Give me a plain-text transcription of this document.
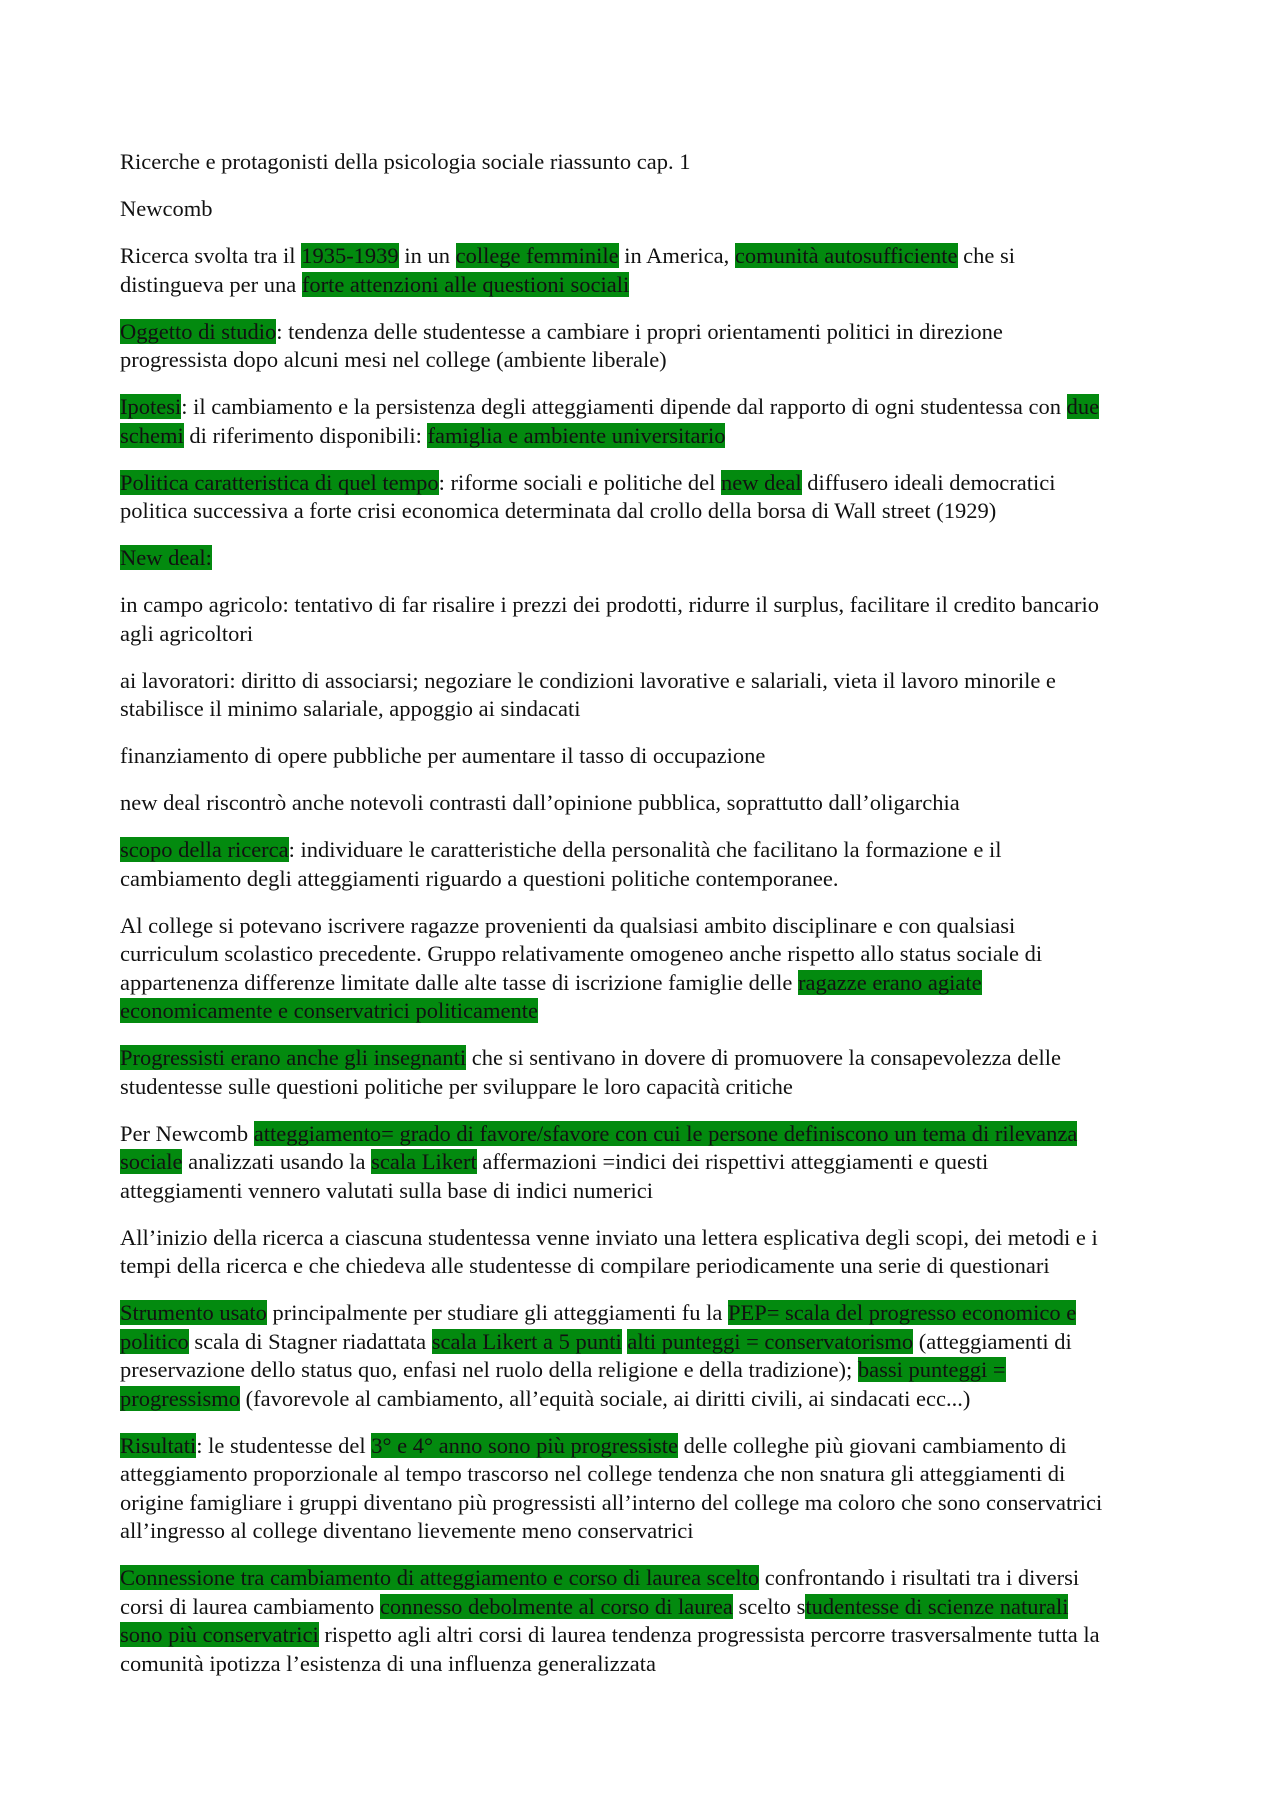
Ricerche e protagonisti della psicologia sociale riassunto cap. 1
Newcomb
Ricerca svolta tra il 1935-1939 in un college femminile in America, comunità autosufficiente che si
distingueva per una forte attenzioni alle questioni sociali
Oggetto di studio: tendenza delle studentesse a cambiare i propri orientamenti politici in direzione
progressista dopo alcuni mesi nel college (ambiente liberale)
Ipotesi: il cambiamento e la persistenza degli atteggiamenti dipende dal rapporto di ogni studentessa con due
schemi di riferimento disponibili: famiglia e ambiente universitario
Politica caratteristica di quel tempo: riforme sociali e politiche del new deal diffusero ideali democratici
politica successiva a forte crisi economica determinata dal crollo della borsa di Wall street (1929)
New deal:
in campo agricolo: tentativo di far risalire i prezzi dei prodotti, ridurre il surplus, facilitare il credito bancario
agli agricoltori
ai lavoratori: diritto di associarsi; negoziare le condizioni lavorative e salariali, vieta il lavoro minorile e
stabilisce il minimo salariale, appoggio ai sindacati
finanziamento di opere pubbliche per aumentare il tasso di occupazione
new deal riscontrò anche notevoli contrasti dall’opinione pubblica, soprattutto dall’oligarchia
scopo della ricerca: individuare le caratteristiche della personalità che facilitano la formazione e il
cambiamento degli atteggiamenti riguardo a questioni politiche contemporanee.
Al college si potevano iscrivere ragazze provenienti da qualsiasi ambito disciplinare e con qualsiasi
curriculum scolastico precedente. Gruppo relativamente omogeneo anche rispetto allo status sociale di
appartenenza differenze limitate dalle alte tasse di iscrizione famiglie delle ragazze erano agiate
economicamente e conservatrici politicamente
Progressisti erano anche gli insegnanti che si sentivano in dovere di promuovere la consapevolezza delle
studentesse sulle questioni politiche per sviluppare le loro capacità critiche
Per Newcomb atteggiamento= grado di favore/sfavore con cui le persone definiscono un tema di rilevanza
sociale analizzati usando la scala Likert affermazioni =indici dei rispettivi atteggiamenti e questi
atteggiamenti vennero valutati sulla base di indici numerici
All’inizio della ricerca a ciascuna studentessa venne inviato una lettera esplicativa degli scopi, dei metodi e i
tempi della ricerca e che chiedeva alle studentesse di compilare periodicamente una serie di questionari
Strumento usato principalmente per studiare gli atteggiamenti fu la PEP= scala del progresso economico e
politico scala di Stagner riadattata scala Likert a 5 punti alti punteggi = conservatorismo (atteggiamenti di
preservazione dello status quo, enfasi nel ruolo della religione e della tradizione); bassi punteggi =
progressismo (favorevole al cambiamento, all’equità sociale, ai diritti civili, ai sindacati ecc...)
Risultati: le studentesse del 3° e 4° anno sono più progressiste delle colleghe più giovani cambiamento di
atteggiamento proporzionale al tempo trascorso nel college tendenza che non snatura gli atteggiamenti di
origine famigliare i gruppi diventano più progressisti all’interno del college ma coloro che sono conservatrici
all’ingresso al college diventano lievemente meno conservatrici
Connessione tra cambiamento di atteggiamento e corso di laurea scelto confrontando i risultati tra i diversi
corsi di laurea cambiamento connesso debolmente al corso di laurea scelto studentesse di scienze naturali
sono più conservatrici rispetto agli altri corsi di laurea tendenza progressista percorre trasversalmente tutta la
comunità ipotizza l’esistenza di una influenza generalizzata
